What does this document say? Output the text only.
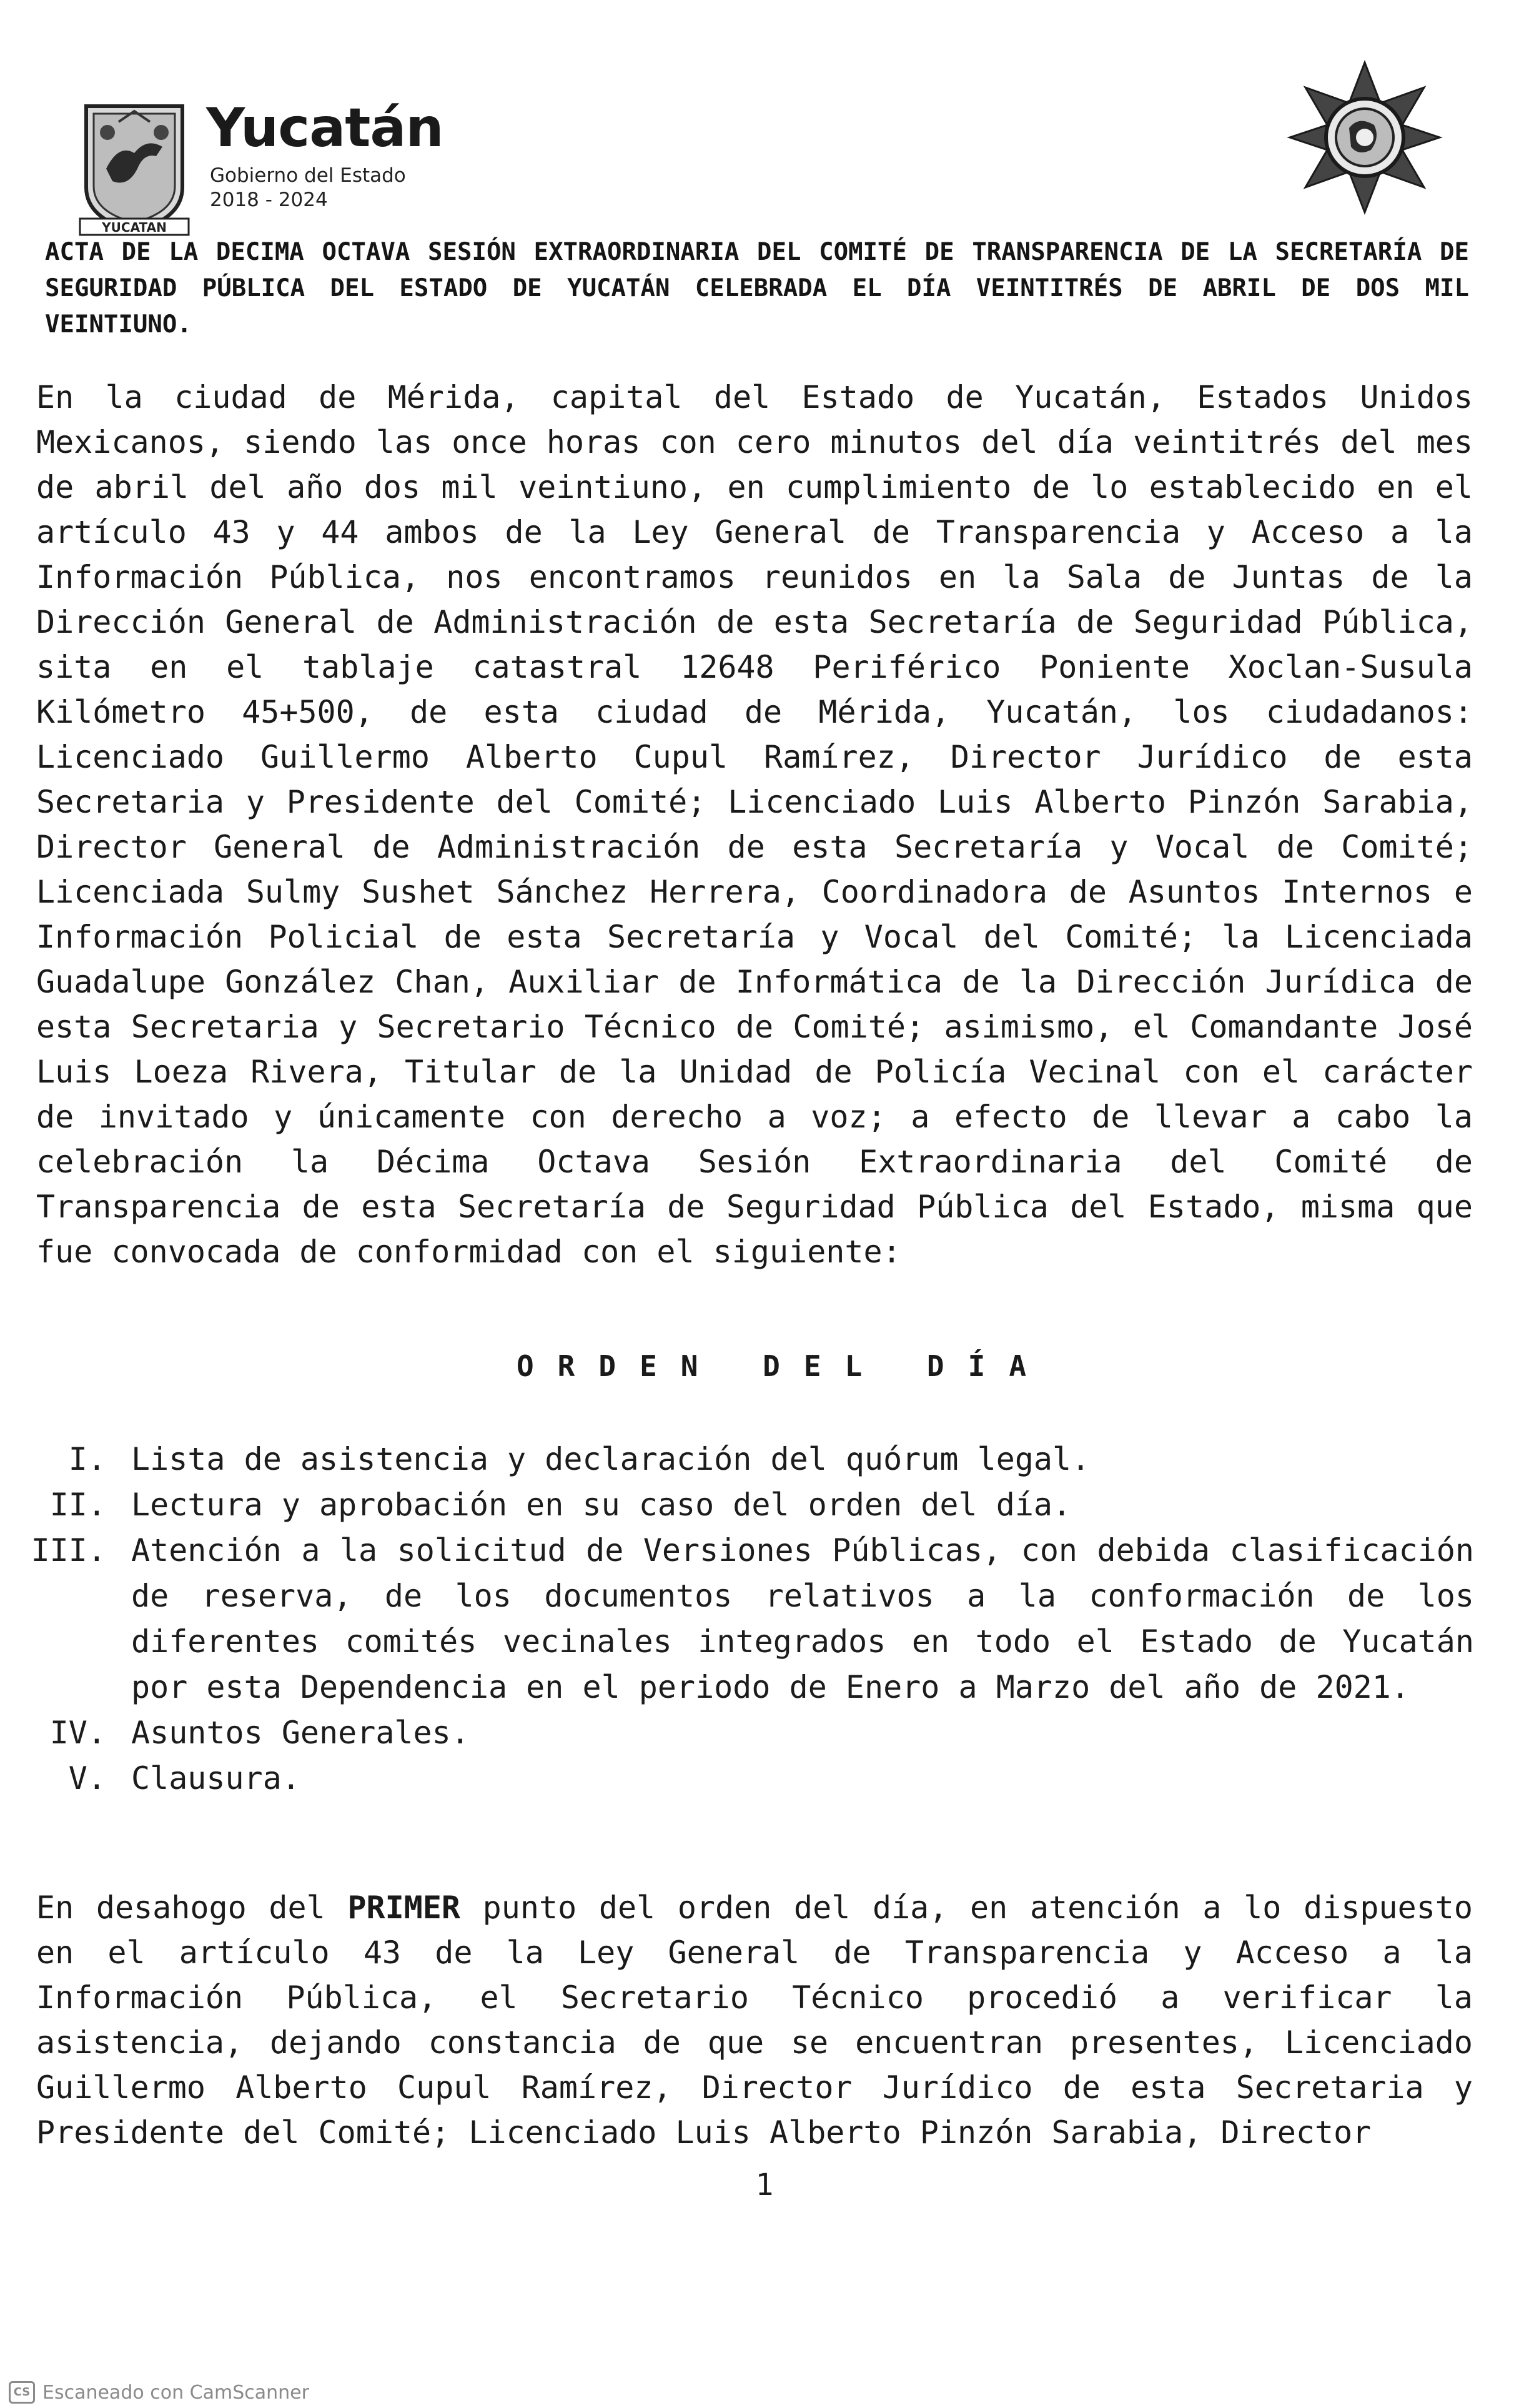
YUCATAN
Yucatán
Gobierno del Estado
2018 - 2024
ACTA DE LA DECIMA OCTAVA SESIÓN EXTRAORDINARIA DEL COMITÉ DE TRANSPARENCIA DE LA SECRETARÍA DE SEGURIDAD PÚBLICA DEL ESTADO DE YUCATÁN CELEBRADA EL DÍA VEINTITRÉS DE ABRIL DE DOS MIL VEINTIUNO.
En la ciudad de Mérida, capital del Estado de Yucatán, Estados Unidos Mexicanos, siendo las once horas con cero minutos del día veintitrés del mes de abril del año dos mil veintiuno, en cumplimiento de lo establecido en el artículo 43 y 44 ambos de la Ley General de Transparencia y Acceso a la Información Pública, nos encontramos reunidos en la Sala de Juntas de la Dirección General de Administración de esta Secretaría de Seguridad Pública, sita en el tablaje catastral 12648 Periférico Poniente Xoclan-Susula Kilómetro 45+500, de esta ciudad de Mérida, Yucatán, los ciudadanos: Licenciado Guillermo Alberto Cupul Ramírez, Director Jurídico de esta Secretaria y Presidente del Comité; Licenciado Luis Alberto Pinzón Sarabia, Director General de Administración de esta Secretaría y Vocal de Comité; Licenciada Sulmy Sushet Sánchez Herrera, Coordinadora de Asuntos Internos e Información Policial de esta Secretaría y Vocal del Comité; la Licenciada Guadalupe González Chan, Auxiliar de Informática de la Dirección Jurídica de esta Secretaria y Secretario Técnico de Comité; asimismo, el Comandante José Luis Loeza Rivera, Titular de la Unidad de Policía Vecinal con el carácter de invitado y únicamente con derecho a voz; a efecto de llevar a cabo la celebración la Décima Octava Sesión Extraordinaria del Comité de Transparencia de esta Secretaría de Seguridad Pública del Estado, misma que fue convocada de conformidad con el siguiente:
ORDEN DEL DÍA
I. Lista de asistencia y declaración del quórum legal.
II. Lectura y aprobación en su caso del orden del día.
III. Atención a la solicitud de Versiones Públicas, con debida clasificación de reserva, de los documentos relativos a la conformación de los diferentes comités vecinales integrados en todo el Estado de Yucatán por esta Dependencia en el periodo de Enero a Marzo del año de 2021.
IV. Asuntos Generales.
V. Clausura.
En desahogo del PRIMER punto del orden del día, en atención a lo dispuesto en el artículo 43 de la Ley General de Transparencia y Acceso a la Información Pública, el Secretario Técnico procedió a verificar la asistencia, dejando constancia de que se encuentran presentes, Licenciado Guillermo Alberto Cupul Ramírez, Director Jurídico de esta Secretaria y Presidente del Comité; Licenciado Luis Alberto Pinzón Sarabia, Director
1
CS Escaneado con CamScanner
